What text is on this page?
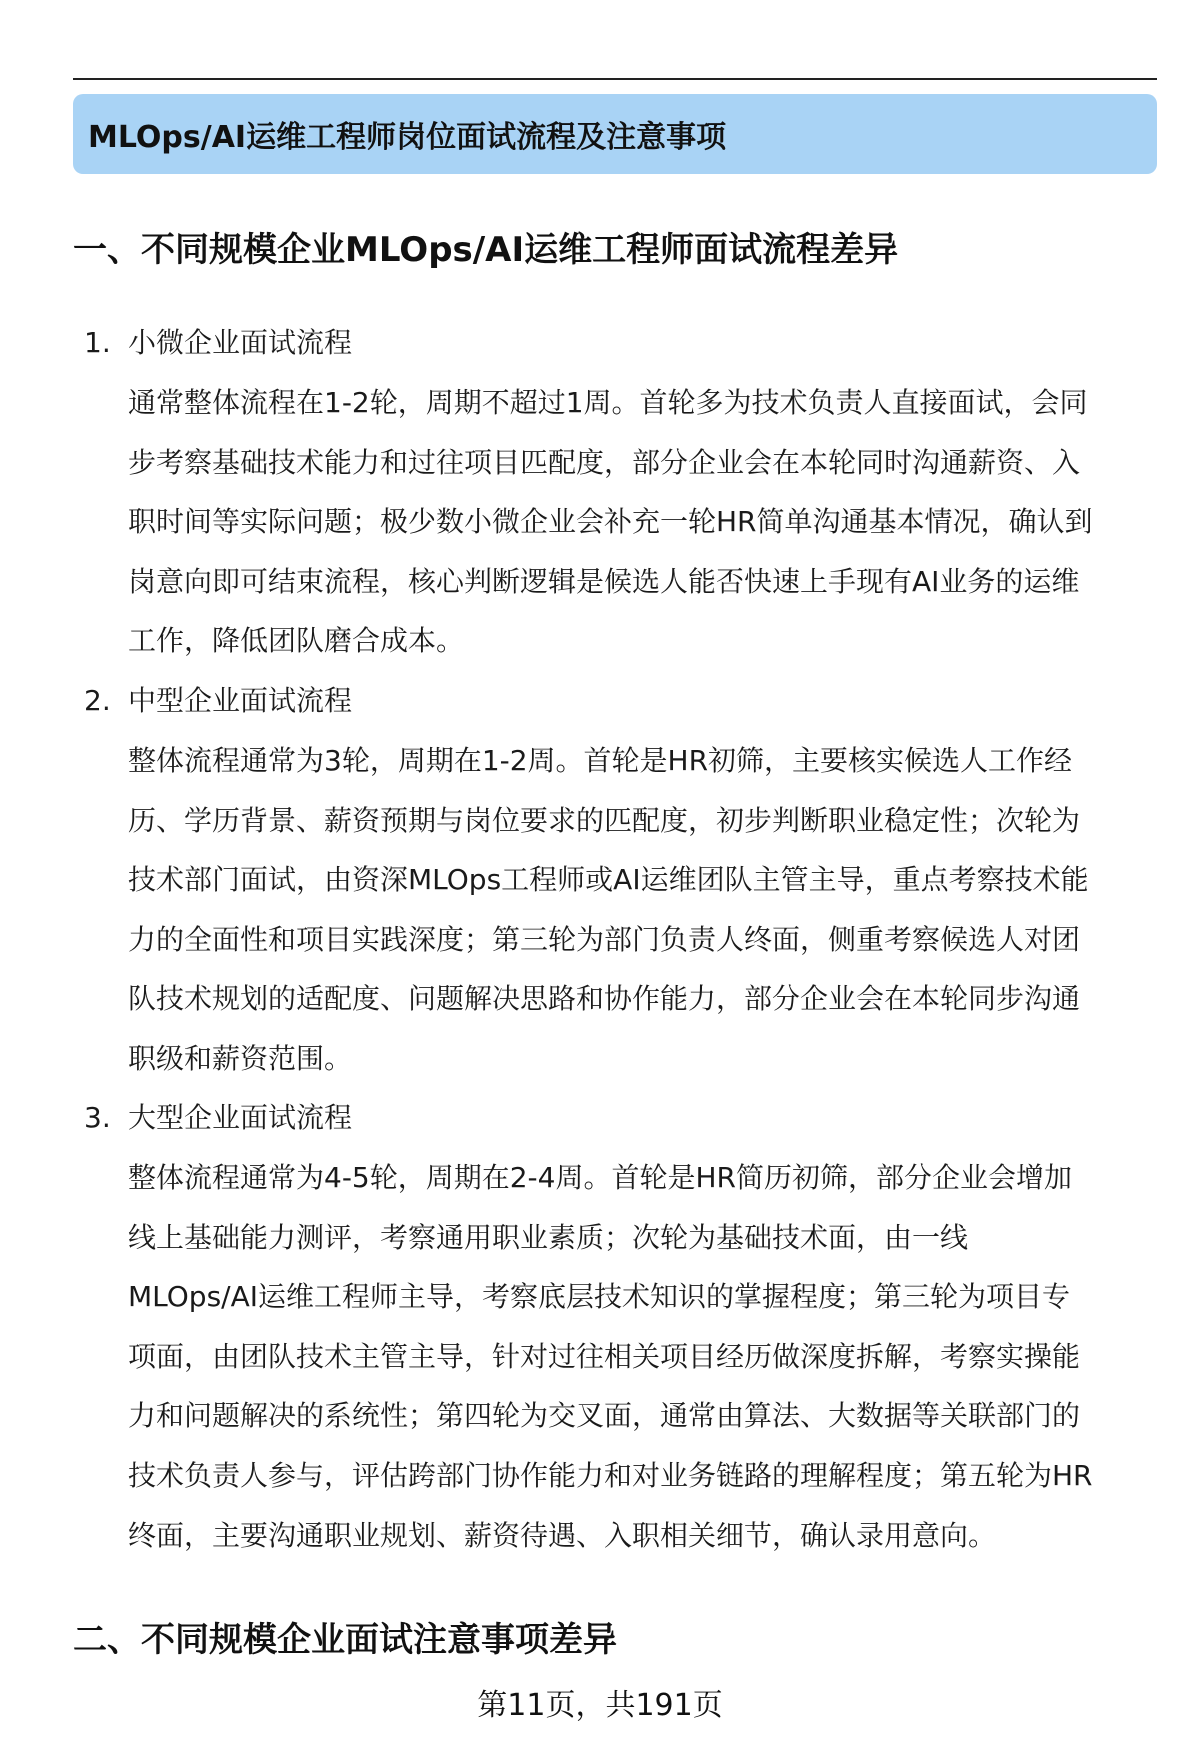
MLOps/AI运维工程师岗位面试流程及注意事项
一、不同规模企业MLOps/AI运维工程师面试流程差异
1. 小微企业面试流程
通常整体流程在1-2轮，周期不超过1周。首轮多为技术负责人直接面试，会同
步考察基础技术能力和过往项目匹配度，部分企业会在本轮同时沟通薪资、入
职时间等实际问题；极少数小微企业会补充一轮HR简单沟通基本情况，确认到
岗意向即可结束流程，核心判断逻辑是候选人能否快速上手现有AI业务的运维
工作，降低团队磨合成本。
2. 中型企业面试流程
整体流程通常为3轮，周期在1-2周。首轮是HR初筛，主要核实候选人工作经
历、学历背景、薪资预期与岗位要求的匹配度，初步判断职业稳定性；次轮为
技术部门面试，由资深MLOps工程师或AI运维团队主管主导，重点考察技术能
力的全面性和项目实践深度；第三轮为部门负责人终面，侧重考察候选人对团
队技术规划的适配度、问题解决思路和协作能力，部分企业会在本轮同步沟通
职级和薪资范围。
3. 大型企业面试流程
整体流程通常为4-5轮，周期在2-4周。首轮是HR简历初筛，部分企业会增加
线上基础能力测评，考察通用职业素质；次轮为基础技术面，由一线
MLOps/AI运维工程师主导，考察底层技术知识的掌握程度；第三轮为项目专
项面，由团队技术主管主导，针对过往相关项目经历做深度拆解，考察实操能
力和问题解决的系统性；第四轮为交叉面，通常由算法、大数据等关联部门的
技术负责人参与，评估跨部门协作能力和对业务链路的理解程度；第五轮为HR
终面，主要沟通职业规划、薪资待遇、入职相关细节，确认录用意向。
二、不同规模企业面试注意事项差异
第11页，共191页
